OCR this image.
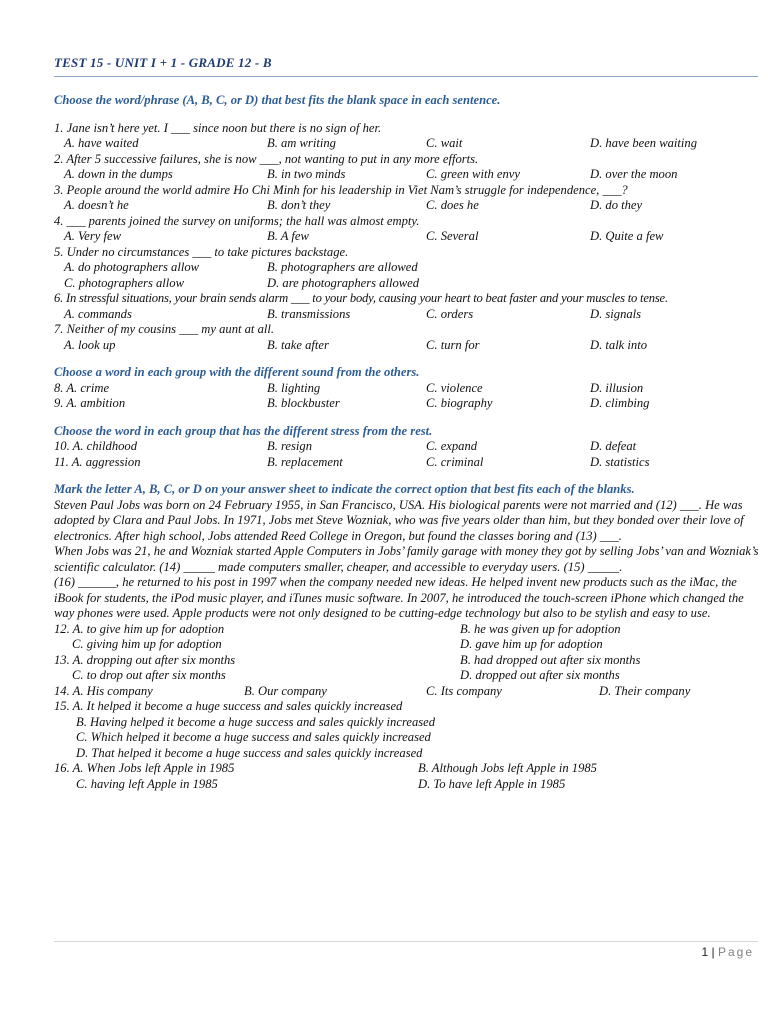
TEST 15 - UNIT I + 1 - GRADE 12 - B
Choose the word/phrase (A, B, C, or D) that best fits the blank space in each sentence.
1. Jane isn’t here yet. I ___ since noon but there is no sign of her.
A. have waited	B. am writing	C. wait	D. have been waiting
2. After 5 successive failures, she is now ___, not wanting to put in any more efforts.
A. down in the dumps	B. in two minds	C. green with envy	D. over the moon
3. People around the world admire Ho Chi Minh for his leadership in Viet Nam’s struggle for independence, ___?
A. doesn’t he	B. don’t they	C. does he	D. do they
4. ___ parents joined the survey on uniforms; the hall was almost empty.
A. Very few	B. A few	C. Several	D. Quite a few
5. Under no circumstances ___ to take pictures backstage.
A. do photographers allow	B. photographers are allowed
C. photographers allow	D. are photographers allowed
6. In stressful situations, your brain sends alarm ___ to your body, causing your heart to beat faster and your muscles to tense.
A. commands	B. transmissions	C. orders	D. signals
7. Neither of my cousins ___ my aunt at all.
A. look up	B. take after	C. turn for	D. talk into
Choose a word in each group with the different sound from the others.
8. A. crime	B. lighting	C. violence	D. illusion
9. A. ambition	B. blockbuster	C. biography	D. climbing
Choose the word in each group that has the different stress from the rest.
10. A. childhood	B. resign	C. expand	D. defeat
11. A. aggression	B. replacement	C. criminal	D. statistics
Mark the letter A, B, C, or D on your answer sheet to indicate the correct option that best fits each of the blanks.
Steven Paul Jobs was born on 24 February 1955, in San Francisco, USA. His biological parents were not married and (12) ___. He was adopted by Clara and Paul Jobs. In 1971, Jobs met Steve Wozniak, who was five years older than him, but they bonded over their love of electronics. After high school, Jobs attended Reed College in Oregon, but found the classes boring and (13) ___.
When Jobs was 21, he and Wozniak started Apple Computers in Jobs’ family garage with money they got by selling Jobs’ van and Wozniak’s scientific calculator. (14) _____ made computers smaller, cheaper, and accessible to everyday users. (15) _____.
(16) ______, he returned to his post in 1997 when the company needed new ideas. He helped invent new products such as the iMac, the iBook for students, the iPod music player, and iTunes music software. In 2007, he introduced the touch-screen iPhone which changed the way phones were used. Apple products were not only designed to be cutting-edge technology but also to be stylish and easy to use.
12. A. to give him up for adoption	B. he was given up for adoption
C. giving him up for adoption	D. gave him up for adoption
13. A. dropping out after six months	B. had dropped out after six months
C. to drop out after six months	D. dropped out after six months
14. A. His company	B. Our company	C. Its company	D. Their company
15. A. It helped it become a huge success and sales quickly increased
B. Having helped it become a huge success and sales quickly increased
C. Which helped it become a huge success and sales quickly increased
D. That helped it become a huge success and sales quickly increased
16. A. When Jobs left Apple in 1985	B. Although Jobs left Apple in 1985
C. having left Apple in 1985	D. To have left Apple in 1985
1 | Page
